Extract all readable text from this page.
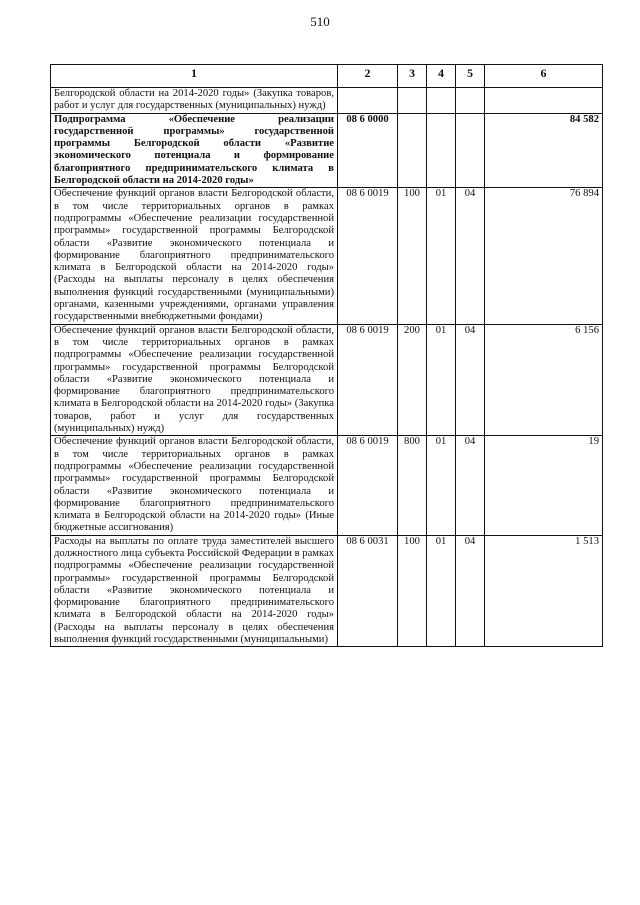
510
1	2	3	4	5	6
Белгородской области на 2014-2020 годы» (Закупка товаров, работ и услуг для государственных (муниципальных) нужд)					
Подпрограмма «Обеспечение реализации государственной программы» государственной программы Белгородской области «Развитие экономического потенциала и формирование благоприятного предпринимательского климата в Белгородской области на 2014-2020 годы»	08 6 0000				84 582
Обеспечение функций органов власти Белгородской области, в том числе территориальных органов в рамках подпрограммы «Обеспечение реализации государственной программы» государственной программы Белгородской области «Развитие экономического потенциала и формирование благоприятного предпринимательского климата в Белгородской области на 2014-2020 годы» (Расходы на выплаты персоналу в целях обеспечения выполнения функций государственными (муниципальными) органами, казенными учреждениями, органами управления государственными внебюджетными фондами)	08 6 0019	100	01	04	76 894
Обеспечение функций органов власти Белгородской области, в том числе территориальных органов в рамках подпрограммы «Обеспечение реализации государственной программы» государственной программы Белгородской области «Развитие экономического потенциала и формирование благоприятного предпринимательского климата в Белгородской области на 2014-2020 годы» (Закупка товаров, работ и услуг для государственных (муниципальных) нужд)	08 6 0019	200	01	04	6 156
Обеспечение функций органов власти Белгородской области, в том числе территориальных органов в рамках подпрограммы «Обеспечение реализации государственной программы» государственной программы Белгородской области «Развитие экономического потенциала и формирование благоприятного предпринимательского климата в Белгородской области на 2014-2020 годы» (Иные бюджетные ассигнования)	08 6 0019	800	01	04	19
Расходы на выплаты по оплате труда заместителей высшего должностного лица субъекта Российской Федерации в рамках подпрограммы «Обеспечение реализации государственной программы» государственной программы Белгородской области «Развитие экономического потенциала и формирование благоприятного предпринимательского климата в Белгородской области на 2014-2020 годы» (Расходы на выплаты персоналу в целях обеспечения выполнения функций государственными (муниципальными)	08 6 0031	100	01	04	1 513
